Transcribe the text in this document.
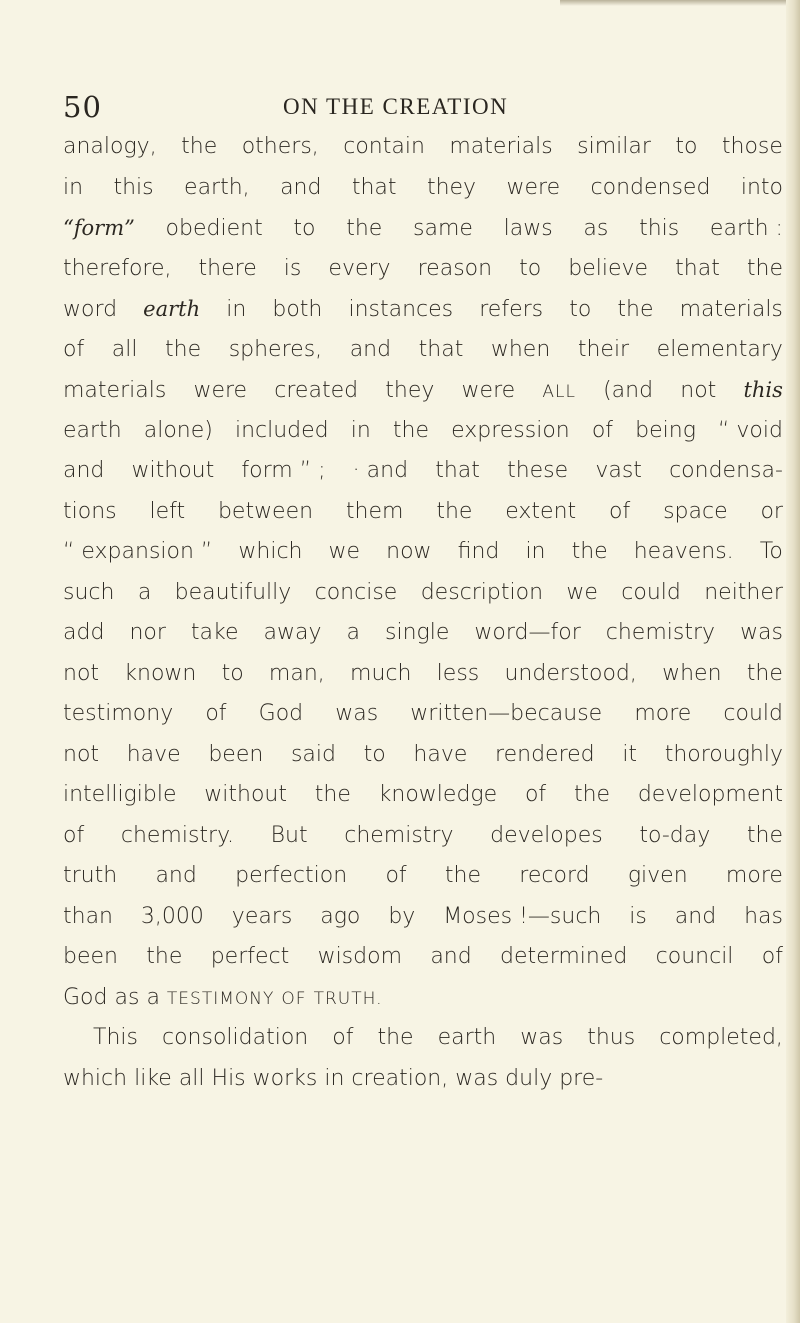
50	ON THE CREATION
analogy, the others, contain materials similar to those
in this earth, and that they were condensed into
“form” obedient to the same laws as this earth :
therefore, there is every reason to believe that the
word earth in both instances refers to the materials
of all the spheres, and that when their elementary
materials were created they were ALL (and not this
earth alone) included in the expression of being “ void
and without form ” ; · and that these vast condensa-
tions left between them the extent of space or
“ expansion ” which we now find in the heavens. To
such a beautifully concise description we could neither
add nor take away a single word—for chemistry was
not known to man, much less understood, when the
testimony of God was written—because more could
not have been said to have rendered it thoroughly
intelligible without the knowledge of the development
of chemistry. But chemistry developes to-day the
truth and perfection of the record given more
than 3,000 years ago by Moses !—such is and has
been the perfect wisdom and determined council of
God as a TESTIMONY OF TRUTH.
This consolidation of the earth was thus completed,
which like all His works in creation, was duly pre-
